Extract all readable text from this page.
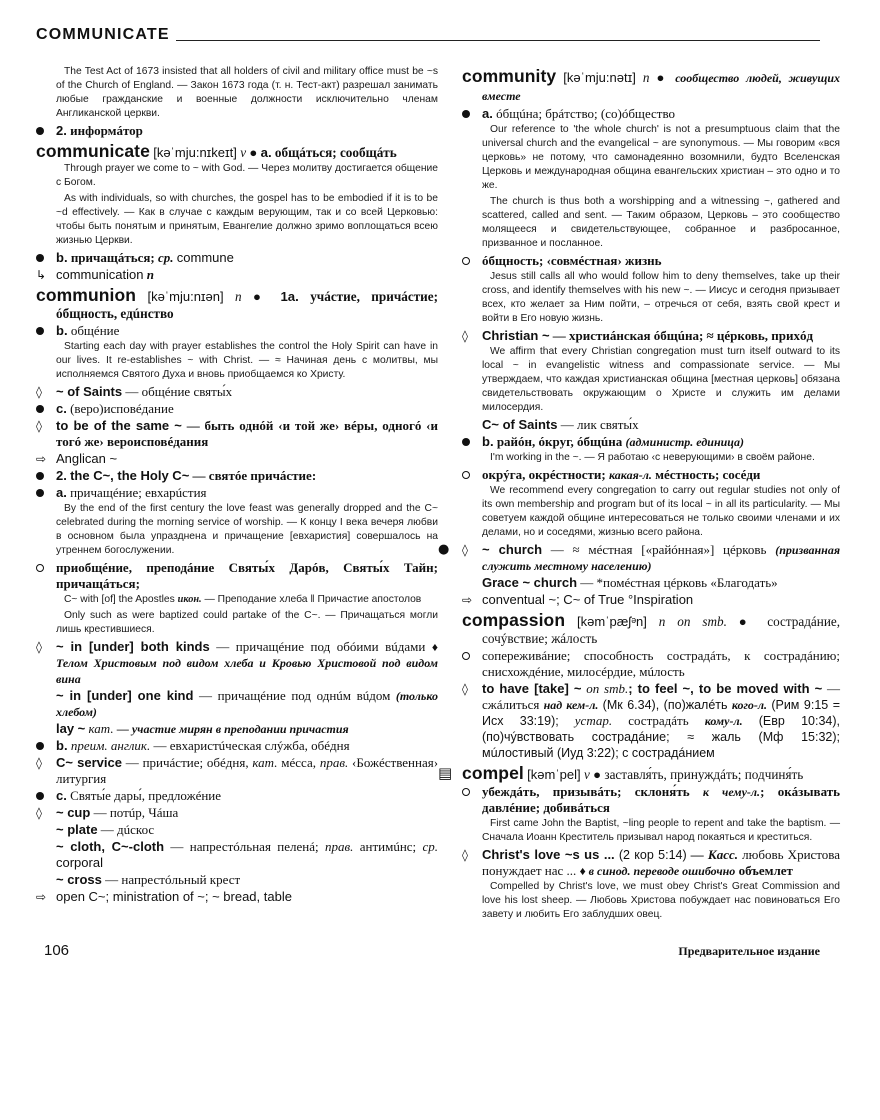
COMMUNICATE

The Test Act of 1673 insisted that all holders of civil and military office must be ~s of the Church of England. — Закон 1673 года (т. н. Тест-акт) разрешал занимать любые гражданские и военные должности исключительно членам Англиканской церкви.

2. информáтор
communicate [kəˈmju:nɪkeɪt] v ● a. общáться; сообщáть

Through prayer we come to ~ with God. — Через молитву достигается общение с Богом.

As with individuals, so with churches, the gospel has to be embodied if it is to be ~d effectively. — Как в случае с каждым верующим, так и со всей Церковью: чтобы быть понятым и принятым, Евангелие должно зримо воплощаться всею жизнью Церкви.

b. причащáться; ср. commune
↳ communication n
communion [kəˈmju:nɪən] n ● 1a. учáстие, причáстие; óбщность, едúнство
b. общéние

Starting each day with prayer establishes the control the Holy Spirit can have in our lives. It re-establishes ~ with Christ. — ≈ Начиная день с молитвы, мы исполняемся Святого Духа и вновь приобщаемся ко Христу.

◊	~ of Saints — общéние святы́х
c. (веро)исповéдание
◊	to be of the same ~ — быть однóй ‹и той же› вéры, одногó ‹и тогó же› вероисповéдания
⇨ Anglican ~
2. the C~, the Holy C~ — святóе причáстие:
a. причащéние; евхарúстия

By the end of the first century the love feast was generally dropped and the C~ celebrated during the morning service of worship. — К концу I века вечеря любви в основном была упразднена и причащение [евхаристия] совершалось на утреннем богослужении.

приобщéние, преподáние Святы́х Дарóв, Святы́х Тайн; причащáться;

C~ with [of] the Apostles икон. — Преподание хлеба ‖ Причастие апостолов

Only such as were baptized could partake of the C~. — Причащаться могли лишь крестившиеся.

◊	~ in [under] both kinds — причащéние под обóими вúдами ♦ Телом Христовым под видом хлеба и Кровью Христовой под видом вина
~ in [under] one kind — причащéние под однúм вúдом (только хлебом)
lay ~ кат. — участие мирян в преподании причастия
b. преим. англик. — евхаристúческая слýжба, обéдня
◊	C~ service — причáстие; обéдня, кат. мéсса, прав. ‹Божéственная› литургия
c. Святы́е дары́, предложéние
◊	~ cup — потúр, Чáша
~ plate — дúскос
~ cloth, C~-cloth — напрестóльная пеленá; прав. антимúнс; ср. corporal
~ cross — напрестóльный крест
⇨ open C~; ministration of ~; ~ bread, table
community [kəˈmju:nətɪ] n ● сообщество людей, живущих вместе
a. óбщúна; брáтство; (со)óбщество

Our reference to 'the whole church' is not a presumptuous claim that the universal church and the evangelical ~ are synonymous. — Мы говорим «вся церковь» не потому, что самонадеянно возомнили, будто Вселенская Церковь и международная община евангельских христиан – это одно и то же.

The church is thus both a worshipping and a witnessing ~, gathered and scattered, called and sent. — Таким образом, Церковь – это сообщество молящееся и свидетельствующее, собранное и разбросанное, призванное и посланное.

óбщность; ‹совмéстная› жизнь

Jesus still calls all who would follow him to deny themselves, take up their cross, and identify themselves with his new ~. — Иисус и сегодня призывает всех, кто желает за Ним пойти, – отречься от себя, взять свой крест и войти в Его новую жизнь.

◊	Christian ~ — христиáнская óбщúна; ≈ цéрковь, прихóд

We affirm that every Christian congregation must turn itself outward to its local ~ in evangelistic witness and compassionate service. — Мы утверждаем, что каждая христианская община [местная церковь] обязана свидетельствовать окружающим о Христе и служить им делами милосердия.

C~ of Saints — лик святы́х
b. райóн, óкруг, óбщúна (администр. единица)

I'm working in the ~. — Я работаю ‹с неверующими› в своём районе.

окрýга, окрéстности; какая-л. мéстность; сосéди

We recommend every congregation to carry out regular studies not only of its own membership and program but of its local ~ in all its particularity. — Мы советуем каждой общине интересоваться не только своими членами и их делами, но и соседями, жизнью всего района.

● ◊	~ church — ≈ мéстная [«райóнная»] цéрковь (призванная служить местному населению)
Grace ~ church — *помéстная цéрковь «Благодать»
⇨ conventual ~; C~ of True °Inspiration
compassion [kəmˈpæʃᵊn] n on smb. ● сострадáние, сочýвствие; жáлость
сопереживáние; способность сострадáть, к сострадáнию; снисхождéние, милосéрдие, мúлость
◊	to have [take] ~ on smb.; to feel ~, to be moved with ~ — сжáлиться над кем-л. (Мк 6.34), (по)жалéть кого-л. (Рим 9:15 = Исх 33:19); устар. сострадáть кому-л. (Евр 10:34), (по)чýвствовать сострадáние; ≈ жаль (Мф 15:32); мúлостивый (Иуд 3:22); с сострадáнием
▤ compel [kəmˈpel] v ● заставля́ть, принуждáть; подчиня́ть
убеждáть, призывáть; склоня́ть к чему-л.; окáзывать давлéние; добивáться

First came John the Baptist, ~ling people to repent and take the baptism. — Сначала Иоанн Креститель призывал народ покаяться и креститься.

◊	Christ's love ~s us ... (2 кор 5:14) — Касс. любовь Христова понуждает нас ... ♦ в синод. переводе ошибочно объемлет

Compelled by Christ's love, we must obey Christ's Great Commission and love his lost sheep. — Любовь Христова побуждает нас повиноваться Его завету и любить Его заблудших овец.

106	Предварительное издание
